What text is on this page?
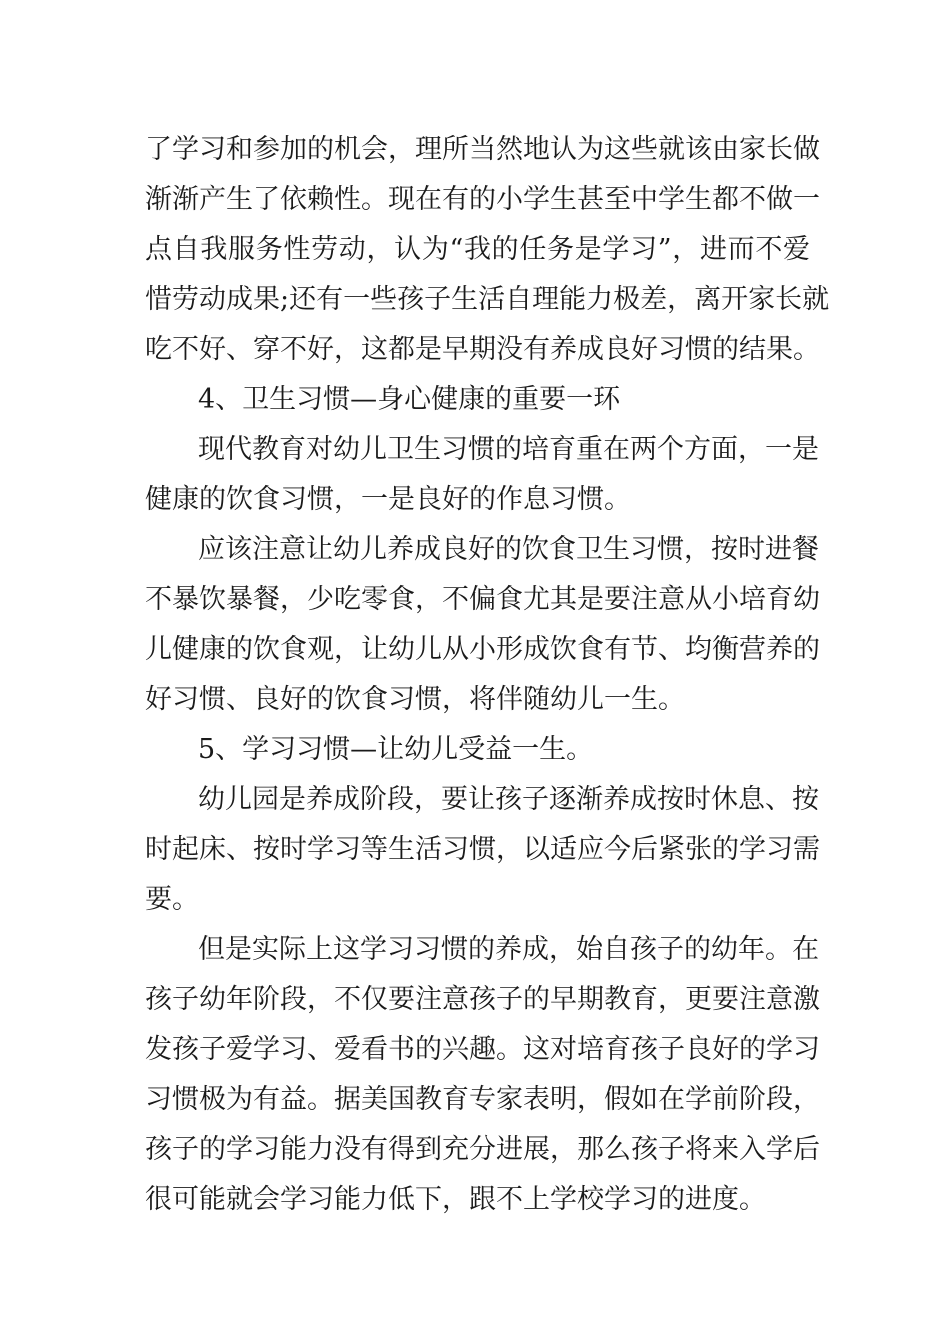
了学习和参加的机会，理所当然地认为这些就该由家长做
渐渐产生了依赖性。现在有的小学生甚至中学生都不做一
点自我服务性劳动，认为“我的任务是学习”，进而不爱
惜劳动成果;还有一些孩子生活自理能力极差，离开家长就
吃不好、穿不好，这都是早期没有养成良好习惯的结果。
4、卫生习惯—身心健康的重要一环
现代教育对幼儿卫生习惯的培育重在两个方面，一是
健康的饮食习惯，一是良好的作息习惯。
应该注意让幼儿养成良好的饮食卫生习惯，按时进餐
不暴饮暴餐，少吃零食，不偏食尤其是要注意从小培育幼
儿健康的饮食观，让幼儿从小形成饮食有节、均衡营养的
好习惯、良好的饮食习惯，将伴随幼儿一生。
5、学习习惯—让幼儿受益一生。
幼儿园是养成阶段，要让孩子逐渐养成按时休息、按
时起床、按时学习等生活习惯，以适应今后紧张的学习需
要。
但是实际上这学习习惯的养成，始自孩子的幼年。在
孩子幼年阶段，不仅要注意孩子的早期教育，更要注意激
发孩子爱学习、爱看书的兴趣。这对培育孩子良好的学习
习惯极为有益。据美国教育专家表明，假如在学前阶段，
孩子的学习能力没有得到充分进展，那么孩子将来入学后
很可能就会学习能力低下，跟不上学校学习的进度。
